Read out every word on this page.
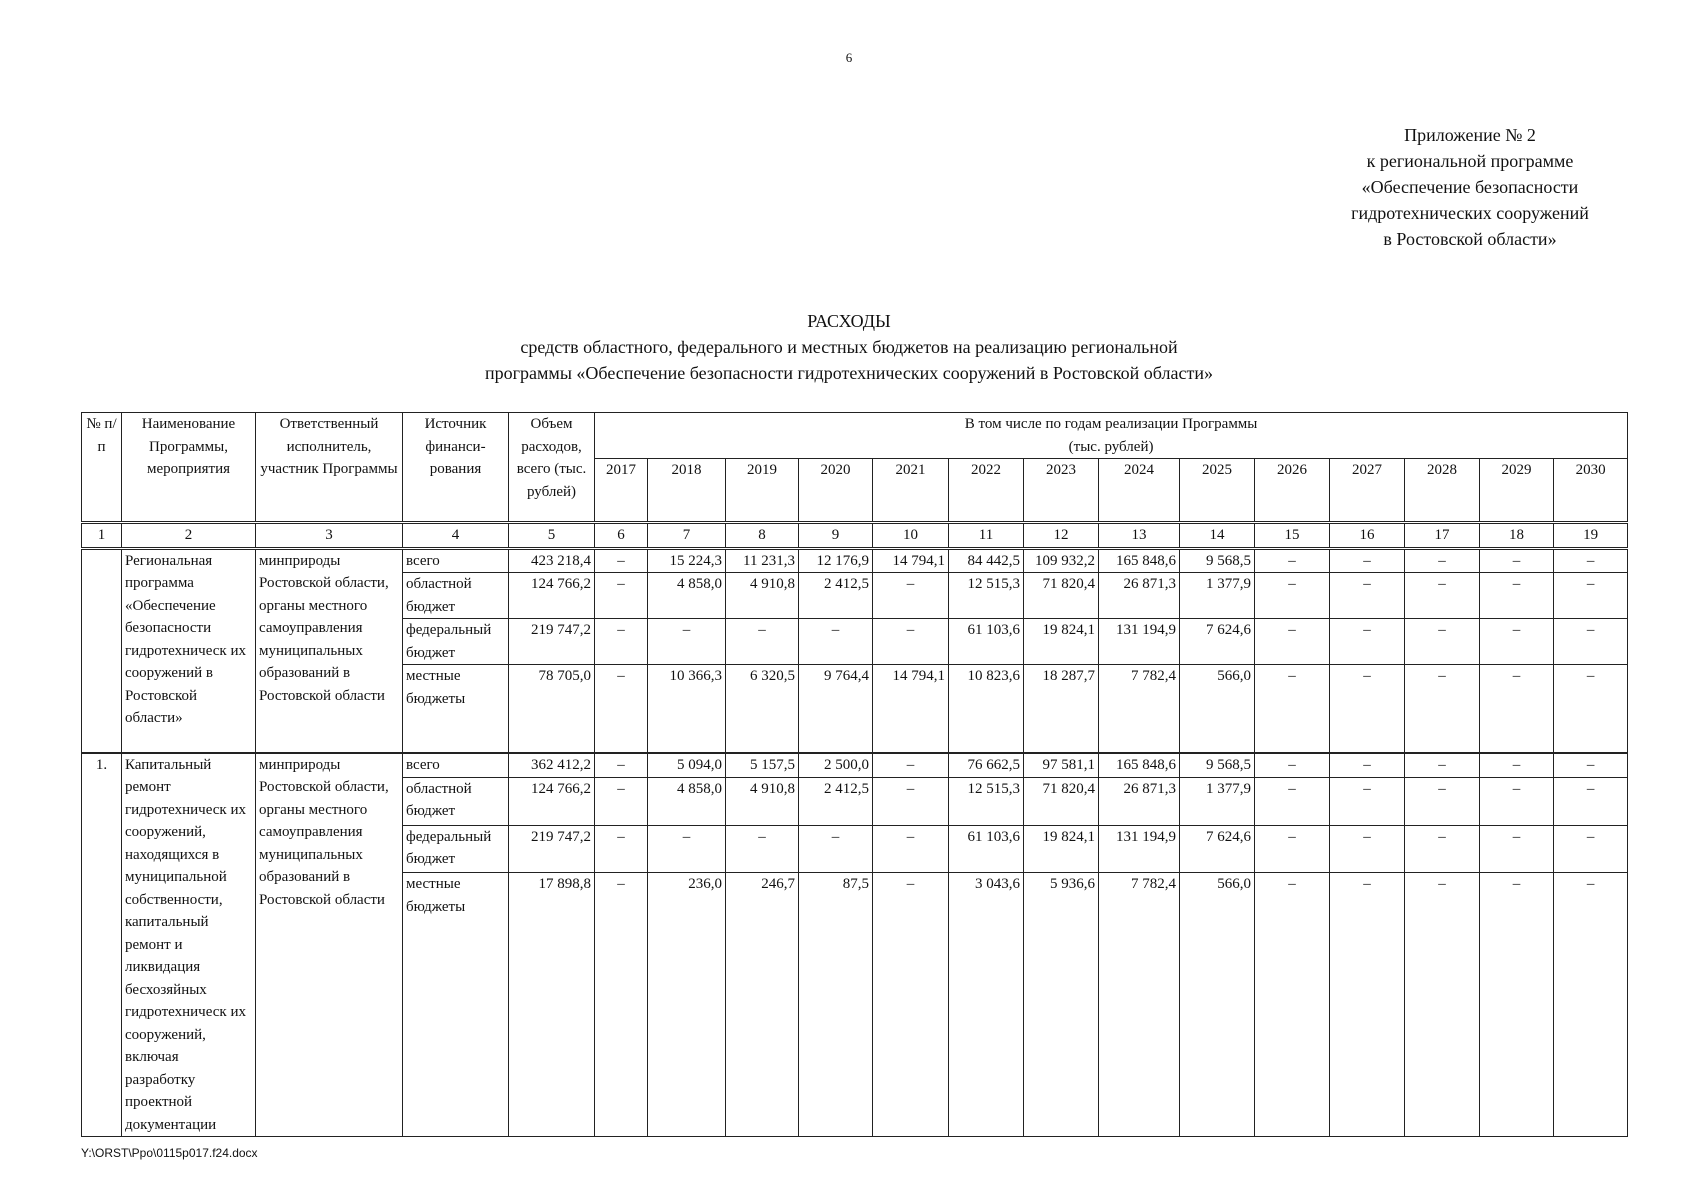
6
Приложение № 2
к региональной программе
«Обеспечение безопасности
гидротехнических сооружений
в Ростовской области»
РАСХОДЫ
средств областного, федерального и местных бюджетов на реализацию региональной
программы «Обеспечение безопасности гидротехнических сооружений в Ростовской области»
№ п/п	Наименование Программы, мероприятия	Ответственный исполнитель, участник Программы	Источник финанси-рования	Объем расходов, всего (тыс. рублей)	В том числе по годам реализации Программы
(тыс. рублей)													

					2017	2018	2019	2020	2021	2022	2023	2024	2025	2026	2027	2028	2029	2030
1	2	3	4	5	6	7	8	9	10	11	12	13	14	15	16	17	18	19
	Региональная программа «Обеспечение безопасности гидротехническ их сооружений в Ростовской области»	минприроды Ростовской области, органы местного самоуправления муниципальных образований в Ростовской области	всего	423 218,4	–	15 224,3	11 231,3	12 176,9	14 794,1	84 442,5	109 932,2	165 848,6	9 568,5	–	–	–	–	–
			областной бюджет	124 766,2	–	4 858,0	4 910,8	2 412,5	–	12 515,3	71 820,4	26 871,3	1 377,9	–	–	–	–	–
			федеральный бюджет	219 747,2	–	–	–	–	–	61 103,6	19 824,1	131 194,9	7 624,6	–	–	–	–	–
			местные бюджеты	78 705,0	–	10 366,3	6 320,5	9 764,4	14 794,1	10 823,6	18 287,7	7 782,4	566,0	–	–	–	–	–
1.	Капитальный ремонт гидротехническ их сооружений, находящихся в муниципальной собственности, капитальный ремонт и ликвидация бесхозяйных гидротехническ их сооружений, включая разработку проектной документации	минприроды Ростовской области, органы местного самоуправления муниципальных образований в Ростовской области	всего	362 412,2	–	5 094,0	5 157,5	2 500,0	–	76 662,5	97 581,1	165 848,6	9 568,5	–	–	–	–	–
			областной бюджет	124 766,2	–	4 858,0	4 910,8	2 412,5	–	12 515,3	71 820,4	26 871,3	1 377,9	–	–	–	–	–
			федеральный бюджет	219 747,2	–	–	–	–	–	61 103,6	19 824,1	131 194,9	7 624,6	–	–	–	–	–
			местные бюджеты	17 898,8	–	236,0	246,7	87,5	–	3 043,6	5 936,6	7 782,4	566,0	–	–	–	–	–
Y:\ORST\Ppo\0115p017.f24.docx
